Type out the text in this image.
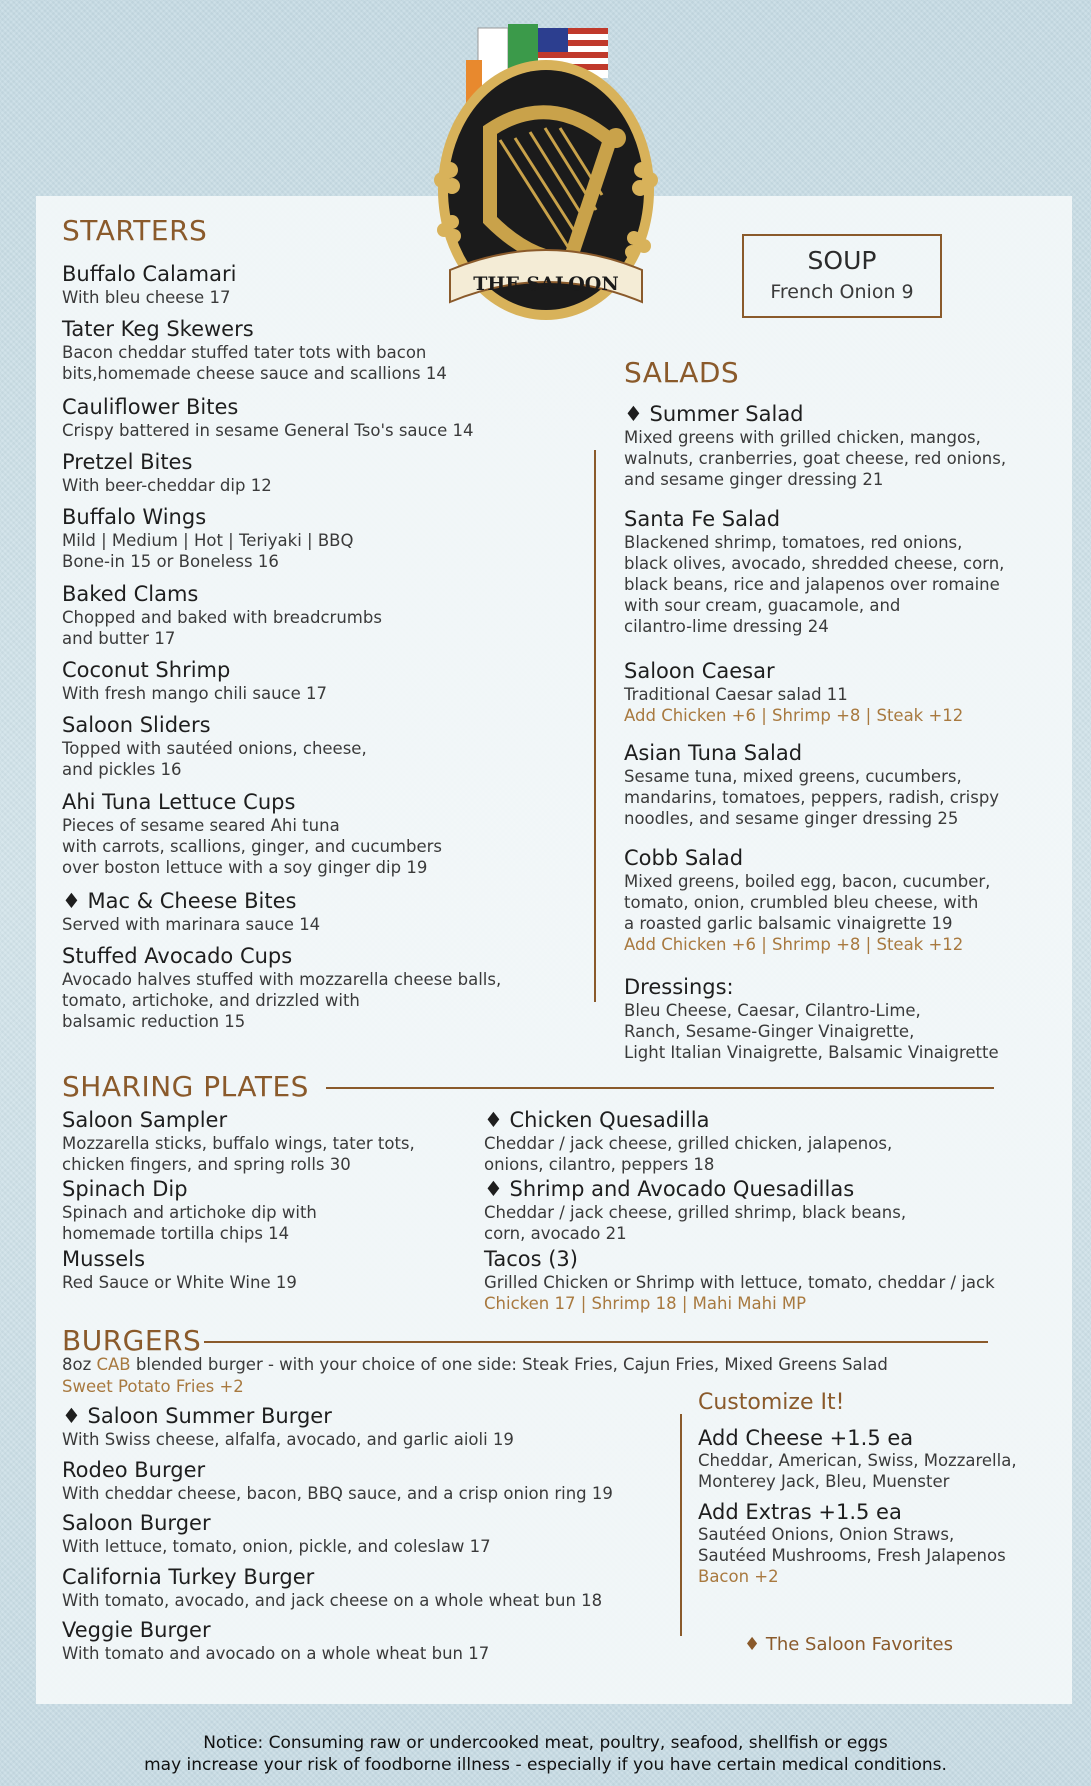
THE SALOON
STARTERS
Buffalo Calamari
With bleu cheese 17
Tater Keg Skewers
Bacon cheddar stuffed tater tots with bacon
bits,homemade cheese sauce and scallions 14
Cauliflower Bites
Crispy battered in sesame General Tso's sauce 14
Pretzel Bites
With beer-cheddar dip 12
Buffalo Wings
Mild | Medium | Hot | Teriyaki | BBQ
Bone-in 15 or Boneless 16
Baked Clams
Chopped and baked with breadcrumbs
and butter 17
Coconut Shrimp
With fresh mango chili sauce 17
Saloon Sliders
Topped with sautéed onions, cheese,
and pickles 16
Ahi Tuna Lettuce Cups
Pieces of sesame seared Ahi tuna
with carrots, scallions, ginger, and cucumbers
over boston lettuce with a soy ginger dip 19
♦ Mac & Cheese Bites
Served with marinara sauce 14
Stuffed Avocado Cups
Avocado halves stuffed with mozzarella cheese balls,
tomato, artichoke, and drizzled with
balsamic reduction 15
SOUP
French Onion 9
SALADS
♦ Summer Salad
Mixed greens with grilled chicken, mangos,
walnuts, cranberries, goat cheese, red onions,
and sesame ginger dressing 21
Santa Fe Salad
Blackened shrimp, tomatoes, red onions,
black olives, avocado, shredded cheese, corn,
black beans, rice and jalapenos over romaine
with sour cream, guacamole, and
cilantro-lime dressing 24
Saloon Caesar
Traditional Caesar salad 11
Add Chicken +6 | Shrimp +8 | Steak +12
Asian Tuna Salad
Sesame tuna, mixed greens, cucumbers,
mandarins, tomatoes, peppers, radish, crispy
noodles, and sesame ginger dressing 25
Cobb Salad
Mixed greens, boiled egg, bacon, cucumber,
tomato, onion, crumbled bleu cheese, with
a roasted garlic balsamic vinaigrette 19
Add Chicken +6 | Shrimp +8 | Steak +12
Dressings:
Bleu Cheese, Caesar, Cilantro-Lime,
Ranch, Sesame-Ginger Vinaigrette,
Light Italian Vinaigrette, Balsamic Vinaigrette
SHARING PLATES
Saloon Sampler
Mozzarella sticks, buffalo wings, tater tots,
chicken fingers, and spring rolls 30
Spinach Dip
Spinach and artichoke dip with
homemade tortilla chips 14
Mussels
Red Sauce or White Wine 19
♦ Chicken Quesadilla
Cheddar / jack cheese, grilled chicken, jalapenos,
onions, cilantro, peppers 18
♦ Shrimp and Avocado Quesadillas
Cheddar / jack cheese, grilled shrimp, black beans,
corn, avocado 21
Tacos (3)
Grilled Chicken or Shrimp with lettuce, tomato, cheddar / jack
Chicken 17 | Shrimp 18 | Mahi Mahi MP
BURGERS
8oz CAB blended burger - with your choice of one side: Steak Fries, Cajun Fries, Mixed Greens Salad
Sweet Potato Fries +2
♦ Saloon Summer Burger
With Swiss cheese, alfalfa, avocado, and garlic aioli 19
Rodeo Burger
With cheddar cheese, bacon, BBQ sauce, and a crisp onion ring 19
Saloon Burger
With lettuce, tomato, onion, pickle, and coleslaw 17
California Turkey Burger
With tomato, avocado, and jack cheese on a whole wheat bun 18
Veggie Burger
With tomato and avocado on a whole wheat bun 17
Customize It!
Add Cheese +1.5 ea
Cheddar, American, Swiss, Mozzarella,
Monterey Jack, Bleu, Muenster
Add Extras +1.5 ea
Sautéed Onions, Onion Straws,
Sautéed Mushrooms, Fresh Jalapenos
Bacon +2
♦ The Saloon Favorites
Notice: Consuming raw or undercooked meat, poultry, seafood, shellfish or eggs
may increase your risk of foodborne illness - especially if you have certain medical conditions.
